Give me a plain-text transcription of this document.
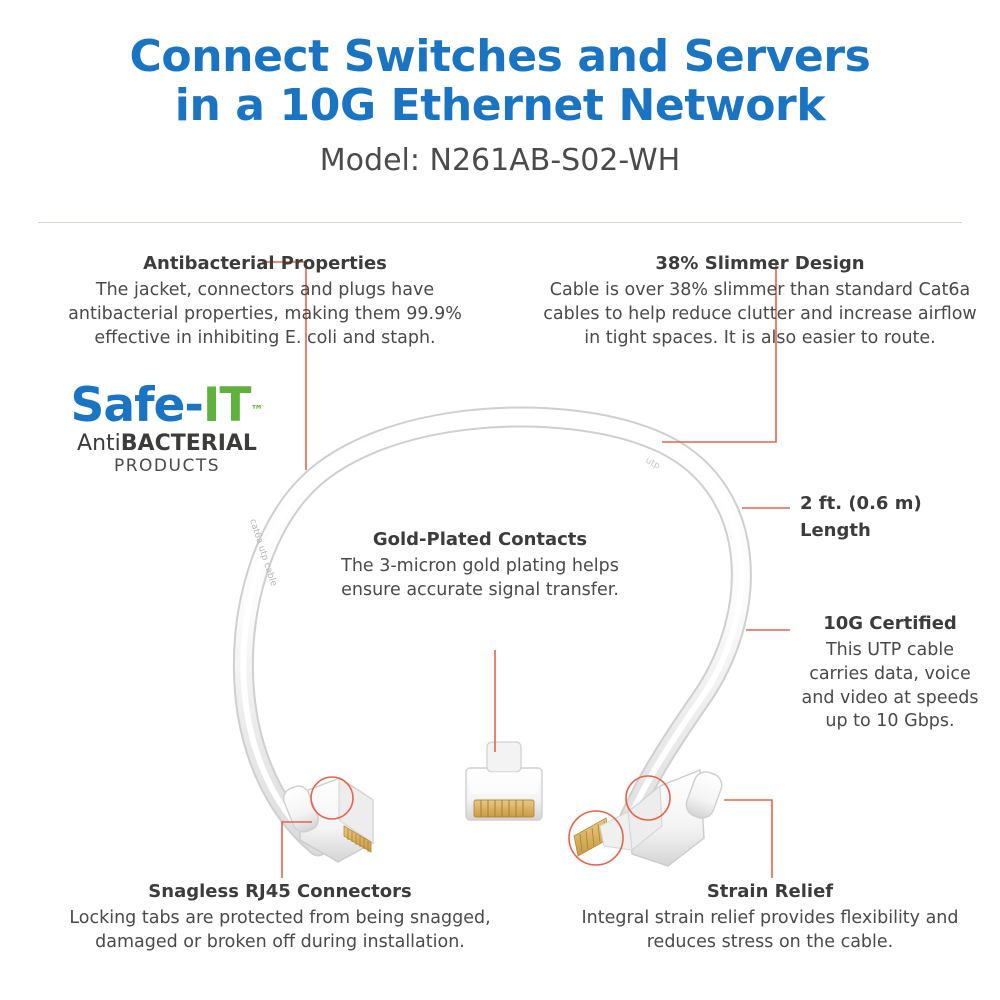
Connect Switches and Servers
in a 10G Ethernet Network

Model: N261AB-S02-WH

cat6a utp cable
utp
Antibacterial Properties
The jacket, connectors and plugs have antibacterial properties, making them 99.9% effective in inhibiting E. coli and staph.
38% Slimmer Design
Cable is over 38% slimmer than standard Cat6a cables to help reduce clutter and increase airflow in tight spaces. It is also easier to route.
Gold-Plated Contacts
The 3-micron gold plating helps ensure accurate signal transfer.
2 ft. (0.6 m)
Length
10G Certified
This UTP cable carries data, voice and video at speeds up to 10 Gbps.
Snagless RJ45 Connectors
Locking tabs are protected from being snagged, damaged or broken off during installation.
Strain Relief
Integral strain relief provides flexibility and reduces stress on the cable.
Safe-IT™
AntiBACTERIAL
PRODUCTS
